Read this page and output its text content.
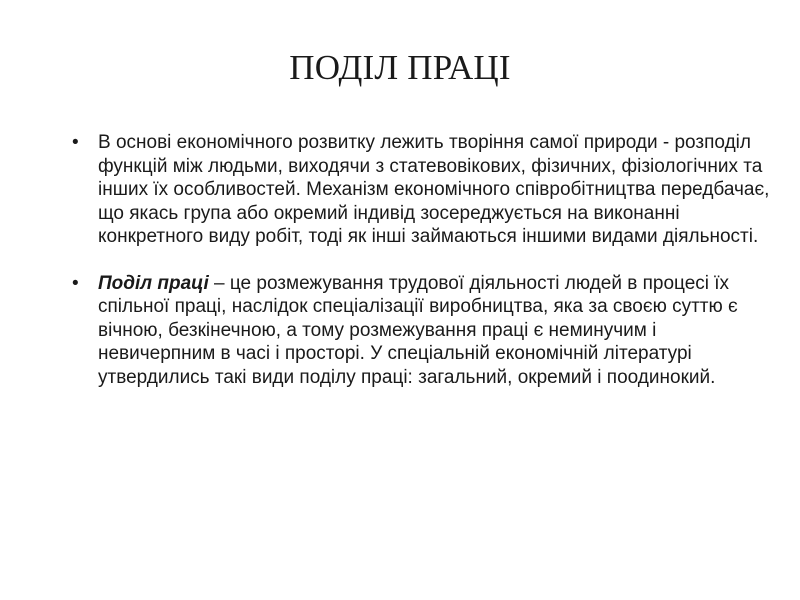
ПОДІЛ ПРАЦІ
• В основі економічного розвитку лежить творіння самої природи - розподіл функцій між людьми, виходячи з статевовікових, фізичних, фізіологічних та інших їх особливостей. Механізм економічного співробітництва передбачає, що якась група або окремий індивід зосереджується на виконанні конкретного виду робіт, тоді як інші займаються іншими видами діяльності.
• Поділ праці – це розмежування трудової діяльності людей в процесі їх спільної праці, наслідок спеціалізації виробництва, яка за своєю суттю є вічною, безкінечною, а тому розмежування праці є неминучим і невичерпним в часі і просторі. У спеціальній економічній літературі утвердились такі види поділу праці: загальний, окремий і поодинокий.
